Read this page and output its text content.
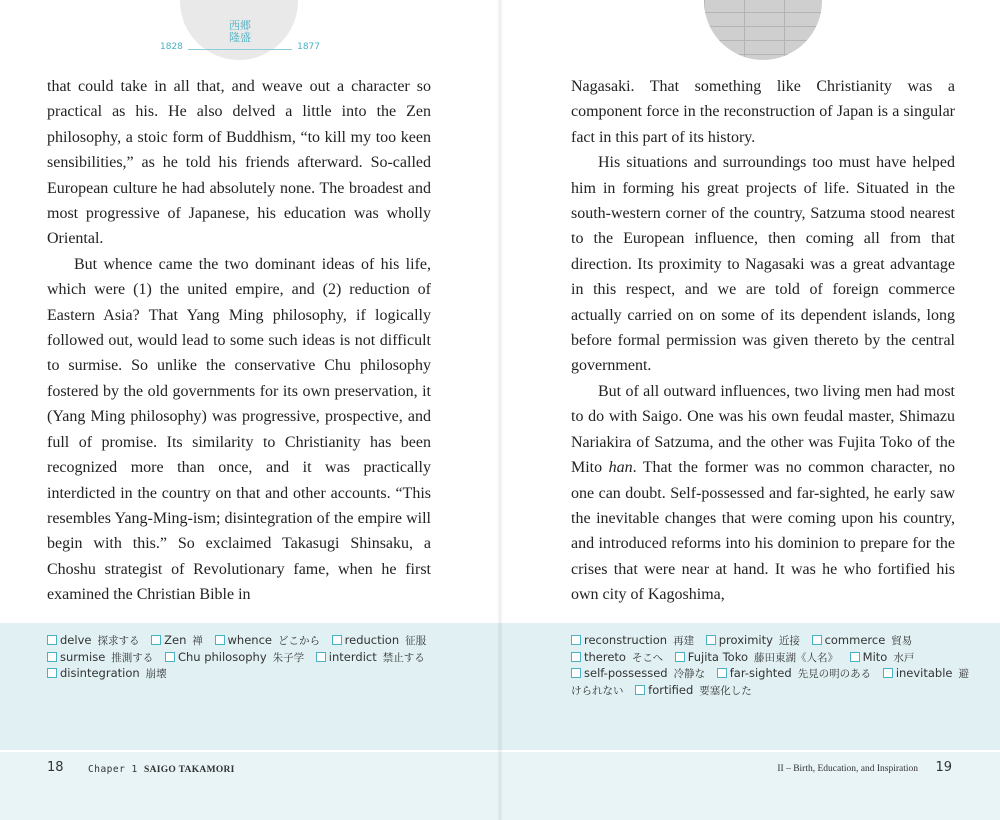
西郷
隆盛
1828	1877

that could take in all that, and weave out a character so practical as his. He also delved a little into the Zen philosophy, a stoic form of Buddhism, “to kill my too keen sensibilities,” as he told his friends afterward. So-called European culture he had absolutely none. The broadest and most progressive of Japanese, his education was wholly Oriental.

But whence came the two dominant ideas of his life, which were (1) the united empire, and (2) reduction of Eastern Asia? That Yang Ming philosophy, if logically followed out, would lead to some such ideas is not difficult to surmise. So unlike the conservative Chu philosophy fostered by the old governments for its own preservation, it (Yang Ming philosophy) was progressive, prospective, and full of promise. Its similarity to Christianity has been recognized more than once, and it was practically interdicted in the country on that and other accounts. “This resembles Yang-Ming-ism; disintegration of the empire will begin with this.” So exclaimed Takasugi Shinsaku, a Choshu strategist of Revolutionary fame, when he first examined the Christian Bible in

delve 探求する Zen 禅 whence どこから reduction 征服
surmise 推測する Chu philosophy 朱子学 interdict 禁止する
disintegration 崩壊
18	Chaper 1 SAIGO TAKAMORI

Nagasaki. That something like Christianity was a component force in the reconstruction of Japan is a singular fact in this part of its history.

His situations and surroundings too must have helped him in forming his great projects of life. Situated in the south-western corner of the country, Satzuma stood nearest to the European influence, then coming all from that direction. Its proximity to Nagasaki was a great advantage in this respect, and we are told of foreign commerce actually carried on on some of its dependent islands, long before formal permission was given thereto by the central government.

But of all outward influences, two living men had most to do with Saigo. One was his own feudal master, Shimazu Nariakira of Satzuma, and the other was Fujita Toko of the Mito han. That the former was no common character, no one can doubt. Self-possessed and far-sighted, he early saw the inevitable changes that were coming upon his country, and introduced reforms into his dominion to prepare for the crises that were near at hand. It was he who fortified his own city of Kagoshima,

reconstruction 再建 proximity 近接 commerce 貿易
thereto そこへ Fujita Toko 藤田東湖《人名》 Mito 水戸
self-possessed 冷静な far-sighted 先見の明のある inevitable 避けられない fortified 要塞化した
II – Birth, Education, and Inspiration 19
